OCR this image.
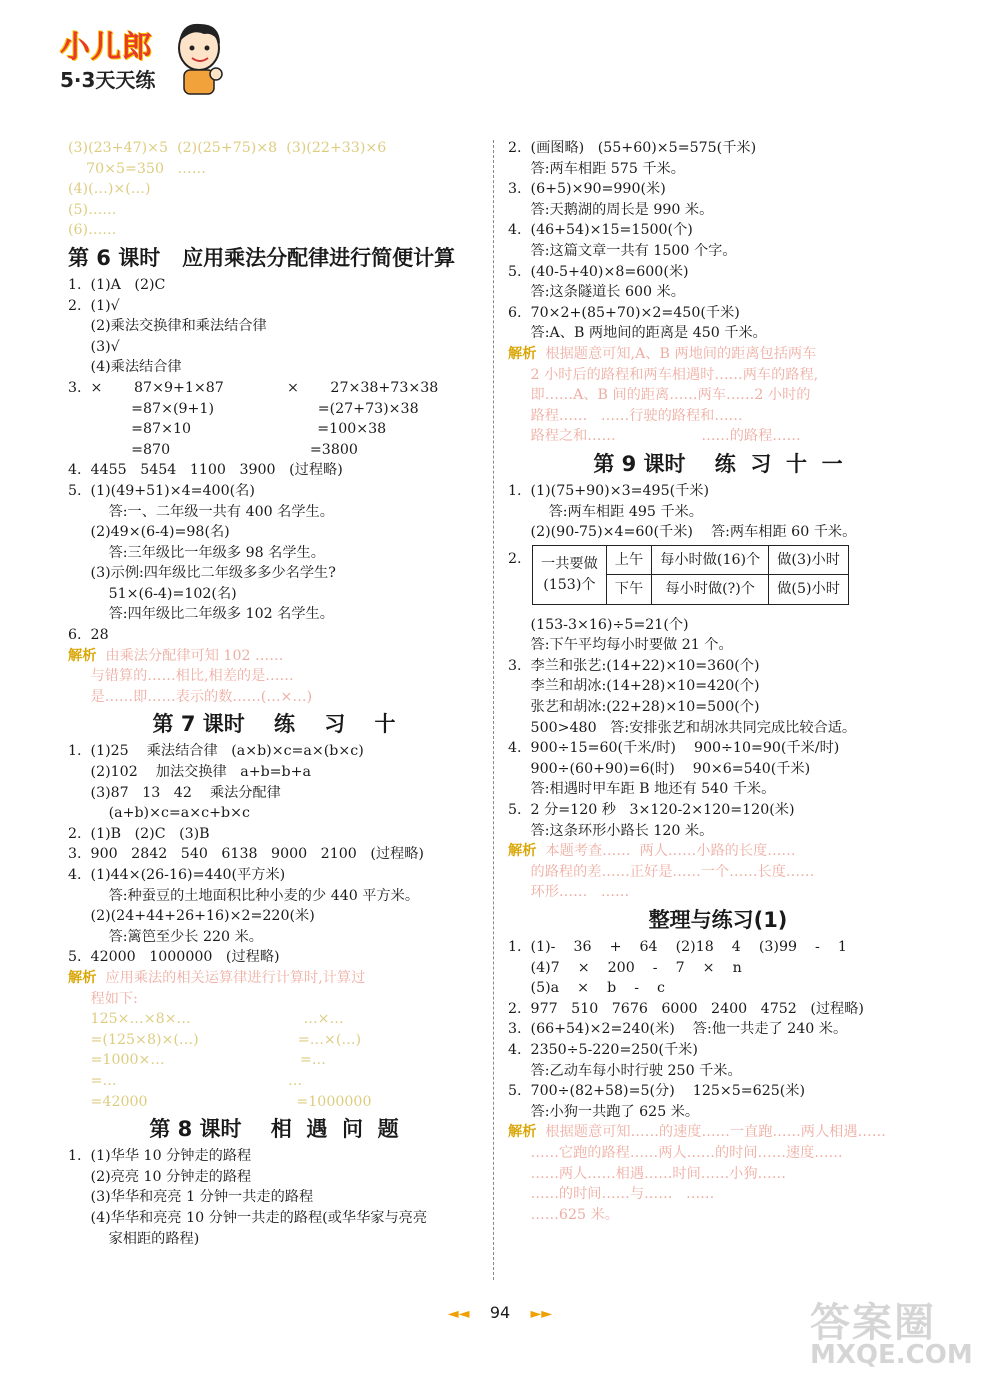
小儿郎
5·3天天练
(3)(23+47)×5  (2)(25+75)×8  (3)(22+33)×6
70×5=350   ……
(4)(…)×(…)
(5)……
(6)……
第 6 课时   应用乘法分配律进行简便计算
1.  (1)A   (2)C
2.  (1)√
(2)乘法交换律和乘法结合律
(3)√
(4)乘法结合律
3.  ×       87×9+1×87              ×       27×38+73×38
=87×(9+1)                       =(27+73)×38
=87×10                            =100×38
=870                               =3800
4.  4455   5454   1100   3900   (过程略)
5.  (1)(49+51)×4=400(名)
答:一、二年级一共有 400 名学生。
(2)49×(6-4)=98(名)
答:三年级比一年级多 98 名学生。
(3)示例:四年级比二年级多多少名学生?
51×(6-4)=102(名)
答:四年级比二年级多 102 名学生。
6.  28
解析  由乘法分配律可知 102 ……
与错算的……相比,相差的是……
是……即……表示的数……(…×…)
第 7 课时    练    习    十
1.  (1)25    乘法结合律   (a×b)×c=a×(b×c)
(2)102    加法交换律   a+b=b+a
(3)87   13   42    乘法分配律
(a+b)×c=a×c+b×c
2.  (1)B   (2)C   (3)B
3.  900   2842   540   6138   9000   2100   (过程略)
4.  (1)44×(26-16)=440(平方米)
答:种蚕豆的土地面积比种小麦的少 440 平方米。
(2)(24+44+26+16)×2=220(米)
答:篱笆至少长 220 米。
5.  42000   1000000   (过程略)
解析  应用乘法的相关运算律进行计算时,计算过
程如下:
125×…×8×…                         …×…
=(125×8)×(…)                      =…×(…)
=1000×…                              =…
=…                                      …
=42000                                 =1000000
第 8 课时    相  遇  问  题
1.  (1)华华 10 分钟走的路程
(2)亮亮 10 分钟走的路程
(3)华华和亮亮 1 分钟一共走的路程
(4)华华和亮亮 10 分钟一共走的路程(或华华家与亮亮
家相距的路程)
2.  (画图略)   (55+60)×5=575(千米)
答:两车相距 575 千米。
3.  (6+5)×90=990(米)
答:天鹅湖的周长是 990 米。
4.  (46+54)×15=1500(个)
答:这篇文章一共有 1500 个字。
5.  (40-5+40)×8=600(米)
答:这条隧道长 600 米。
6.  70×2+(85+70)×2=450(千米)
答:A、B 两地间的距离是 450 千米。
解析  根据题意可知,A、B 两地间的距离包括两车
2 小时后的路程和两车相遇时……两车的路程,
即……A、B 间的距离……两车……2 小时的
路程……   ……行驶的路程和……
路程之和……                   ……的路程……
第 9 课时    练  习  十  一
1.  (1)(75+90)×3=495(千米)
答:两车相距 495 千米。
(2)(90-75)×4=60(千米)    答:两车相距 60 千米。
2. 一共要做
(153)个	上午	每小时做(16)个	做(3)小时
	下午	每小时做(?)个	做(5)小时
(153-3×16)÷5=21(个)
答:下午平均每小时要做 21 个。
3.  李兰和张艺:(14+22)×10=360(个)
李兰和胡冰:(14+28)×10=420(个)
张艺和胡冰:(22+28)×10=500(个)
500>480   答:安排张艺和胡冰共同完成比较合适。
4.  900÷15=60(千米/时)    900÷10=90(千米/时)
900÷(60+90)=6(时)    90×6=540(千米)
答:相遇时甲车距 B 地还有 540 千米。
5.  2 分=120 秒   3×120-2×120=120(米)
答:这条环形小路长 120 米。
解析  本题考查……  两人……小路的长度……
的路程的差……正好是……一个……长度……
环形……   ……
整理与练习(1)
1.  (1)-    36    +    64    (2)18    4    (3)99    -    1
(4)7    ×    200    -    7    ×    n
(5)a    ×    b    -    c
2.  977   510   7676   6000   2400   4752   (过程略)
3.  (66+54)×2=240(米)    答:他一共走了 240 米。
4.  2350÷5-220=250(千米)
答:乙动车每小时行驶 250 千米。
5.  700÷(82+58)=5(分)    125×5=625(米)
答:小狗一共跑了 625 米。
解析  根据题意可知……的速度……一直跑……两人相遇……
……它跑的路程……两人……的时间……速度……
……两人……相遇……时间……小狗……
……的时间……与……   ……
……625 米。
◄◄ 94 ►►	答案圈
MXQE.COM
